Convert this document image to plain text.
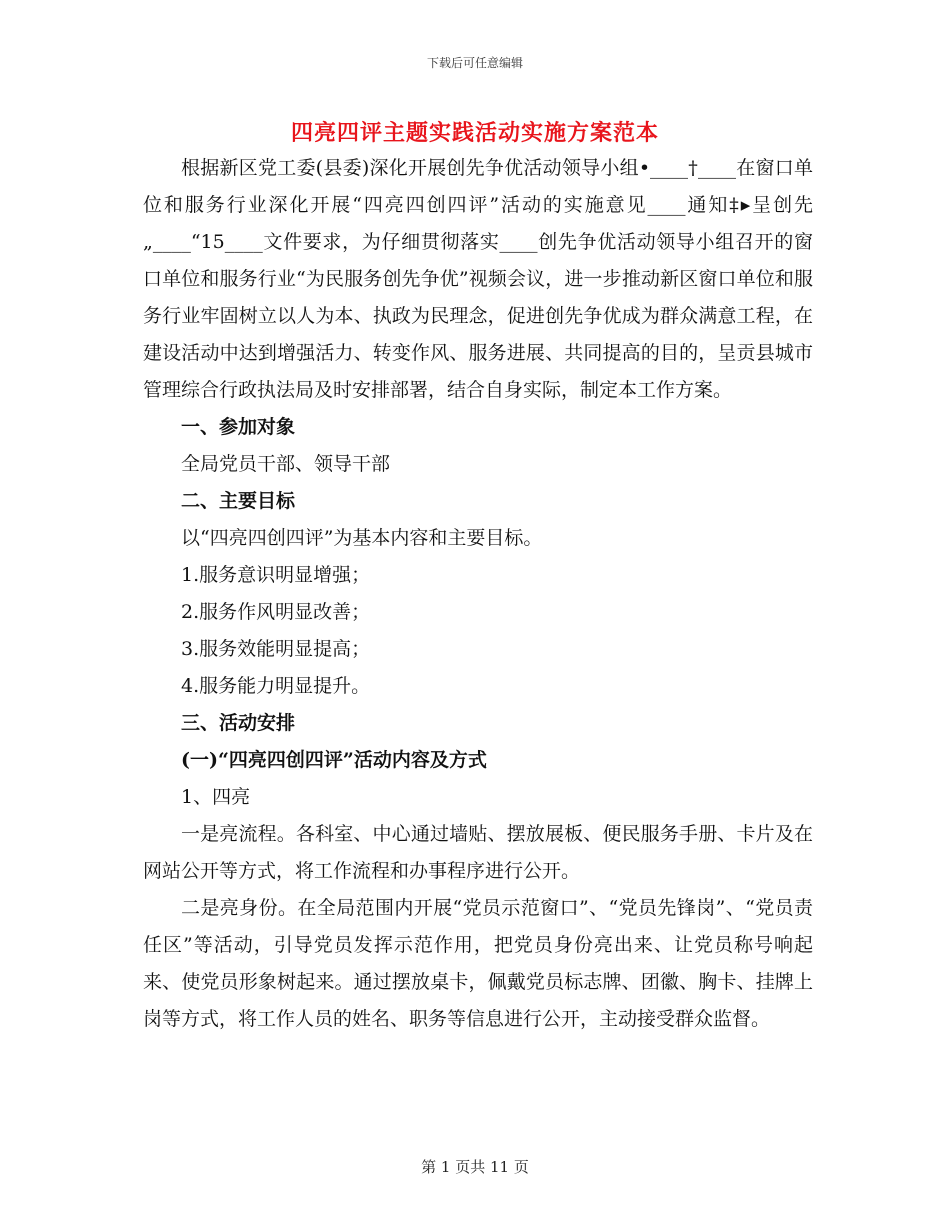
下载后可任意编辑
四亮四评主题实践活动实施方案范本

根据新区党工委(县委)深化开展创先争优活动领导小组•____†____在窗口单位和服务行业深化开展“四亮四创四评”活动的实施意见____通知‡▸呈创先„____“15____文件要求，为仔细贯彻落实____创先争优活动领导小组召开的窗口单位和服务行业“为民服务创先争优”视频会议，进一步推动新区窗口单位和服务行业牢固树立以人为本、执政为民理念，促进创先争优成为群众满意工程，在建设活动中达到增强活力、转变作风、服务进展、共同提高的目的，呈贡县城市管理综合行政执法局及时安排部署，结合自身实际，制定本工作方案。

一、参加对象

全局党员干部、领导干部

二、主要目标

以“四亮四创四评”为基本内容和主要目标。

1.服务意识明显增强；

2.服务作风明显改善；

3.服务效能明显提高；

4.服务能力明显提升。

三、活动安排

(一)“四亮四创四评”活动内容及方式

1、四亮

一是亮流程。各科室、中心通过墙贴、摆放展板、便民服务手册、卡片及在网站公开等方式，将工作流程和办事程序进行公开。

二是亮身份。在全局范围内开展“党员示范窗口”、“党员先锋岗”、“党员责任区”等活动，引导党员发挥示范作用，把党员身份亮出来、让党员称号响起来、使党员形象树起来。通过摆放桌卡，佩戴党员标志牌、团徽、胸卡、挂牌上岗等方式，将工作人员的姓名、职务等信息进行公开，主动接受群众监督。

第 1 页共 11 页
